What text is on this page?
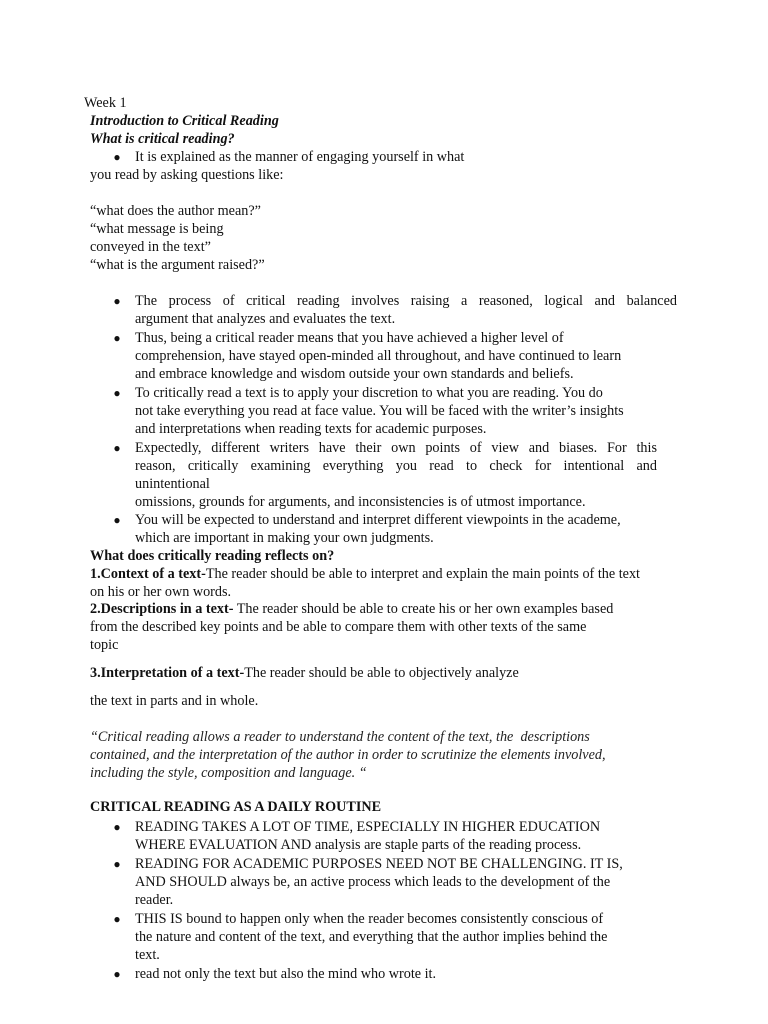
Week 1
Introduction to Critical Reading
What is critical reading?
●	It is explained as the manner of engaging yourself in what
you read by asking questions like:
“what does the author mean?”
“what message is being
conveyed in the text”
“what is the argument raised?”
●	The process of critical reading involves raising a reasoned, logical and balanced
argument that analyzes and evaluates the text.
●	Thus, being a critical reader means that you have achieved a higher level of
comprehension, have stayed open-minded all throughout, and have continued to learn
and embrace knowledge and wisdom outside your own standards and beliefs.
●	To critically read a text is to apply your discretion to what you are reading. You do
not take everything you read at face value. You will be faced with the writer’s insights
and interpretations when reading texts for academic purposes.
●	Expectedly, different writers have their own points of view and biases. For this
reason, critically examining everything you read to check for intentional and
unintentional
omissions, grounds for arguments, and inconsistencies is of utmost importance.
●	You will be expected to understand and interpret different viewpoints in the academe,
which are important in making your own judgments.
What does critically reading reflects on?
1.Context of a text-The reader should be able to interpret and explain the main points of the text
on his or her own words.
2.Descriptions in a text- The reader should be able to create his or her own examples based
from the described key points and be able to compare them with other texts of the same
topic
3.Interpretation of a text-The reader should be able to objectively analyze
the text in parts and in whole.
“Critical reading allows a reader to understand the content of the text, the  descriptions
contained, and the interpretation of the author in order to scrutinize the elements involved,
including the style, composition and language. “
CRITICAL READING AS A DAILY ROUTINE
●	READING TAKES A LOT OF TIME, ESPECIALLY IN HIGHER EDUCATION
WHERE EVALUATION AND analysis are staple parts of the reading process.
●	READING FOR ACADEMIC PURPOSES NEED NOT BE CHALLENGING. IT IS,
AND SHOULD always be, an active process which leads to the development of the
reader.
●	THIS IS bound to happen only when the reader becomes consistently conscious of
the nature and content of the text, and everything that the author implies behind the
text.
●	read not only the text but also the mind who wrote it.
